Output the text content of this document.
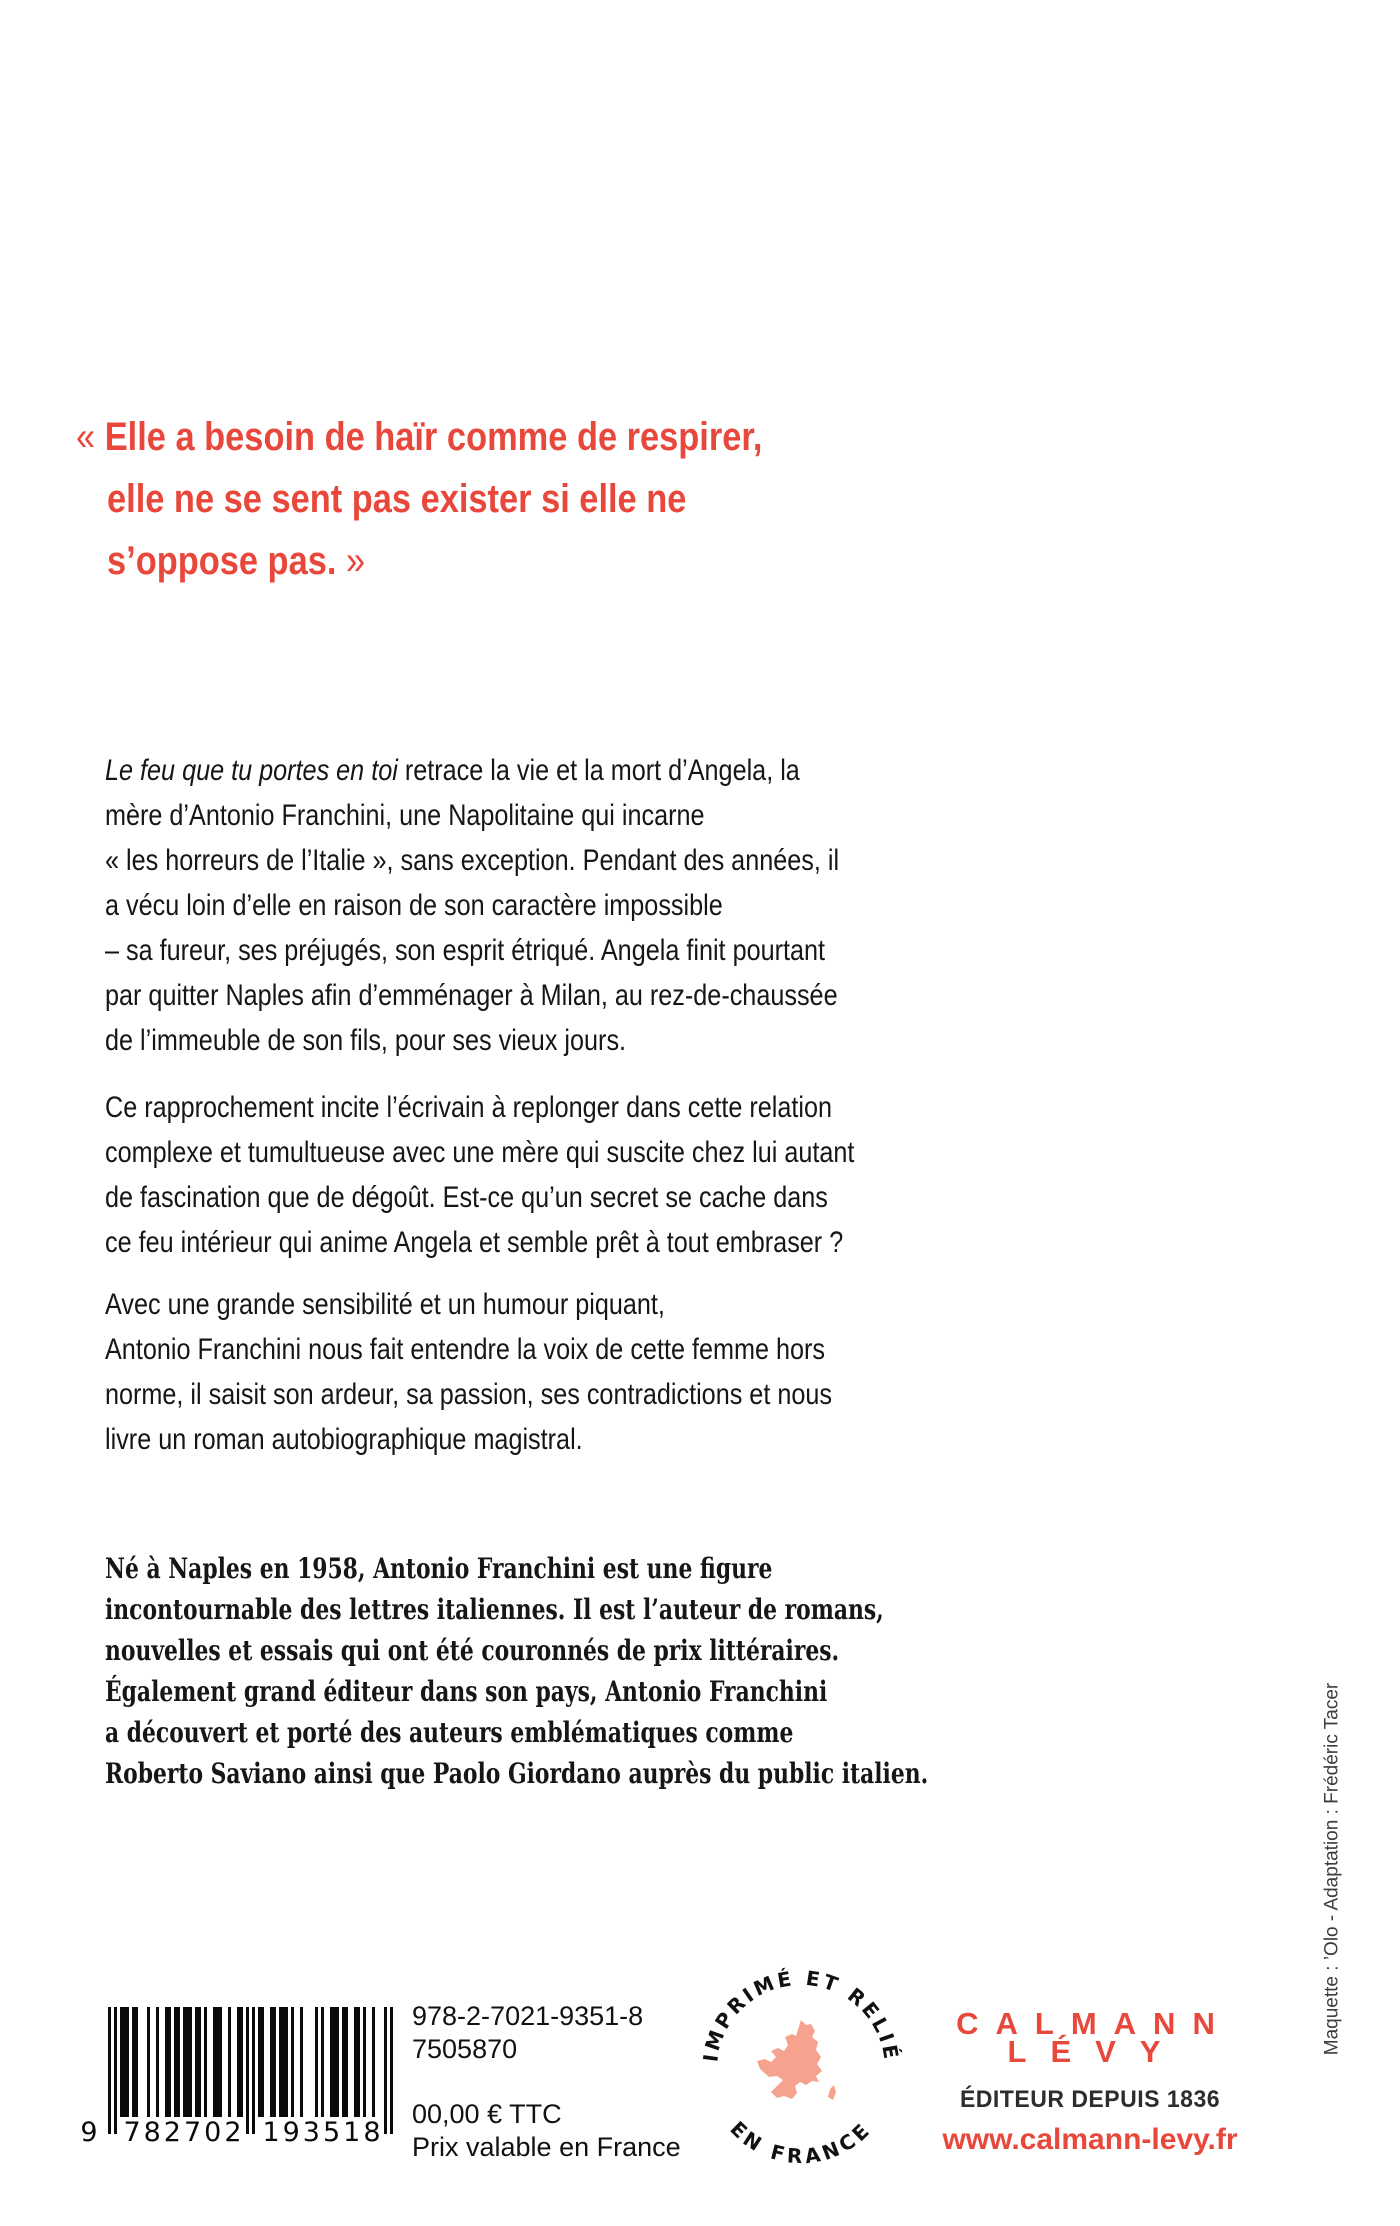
« Elle a besoin de haïr comme de respirer,
elle ne se sent pas exister si elle ne
s’oppose pas. »
Le feu que tu portes en toi retrace la vie et la mort d’Angela, la
mère d’Antonio Franchini, une Napolitaine qui incarne
« les horreurs de l’Italie », sans exception. Pendant des années, il
a vécu loin d’elle en raison de son caractère impossible
– sa fureur, ses préjugés, son esprit étriqué. Angela finit pourtant
par quitter Naples afin d’emménager à Milan, au rez-de-chaussée
de l’immeuble de son fils, pour ses vieux jours.
Ce rapprochement incite l’écrivain à replonger dans cette relation
complexe et tumultueuse avec une mère qui suscite chez lui autant
de fascination que de dégoût. Est-ce qu’un secret se cache dans
ce feu intérieur qui anime Angela et semble prêt à tout embraser ?
Avec une grande sensibilité et un humour piquant,
Antonio Franchini nous fait entendre la voix de cette femme hors
norme, il saisit son ardeur, sa passion, ses contradictions et nous
livre un roman autobiographique magistral.
Né à Naples en 1958, Antonio Franchini est une figure
incontournable des lettres italiennes. Il est l’auteur de romans,
nouvelles et essais qui ont été couronnés de prix littéraires.
Également grand éditeur dans son pays, Antonio Franchini
a découvert et porté des auteurs emblématiques comme
Roberto Saviano ainsi que Paolo Giordano auprès du public italien.
9 782702 193518
978-2-7021-9351-8
7505870
00,00 € TTC
Prix valable en France
IMPRIMÉ ET RELIÉ
EN FRANCE
CALMANN
LÉVY
ÉDITEUR DEPUIS 1836
www.calmann-levy.fr
Maquette : ’Olo - Adaptation : Frédéric Tacer
